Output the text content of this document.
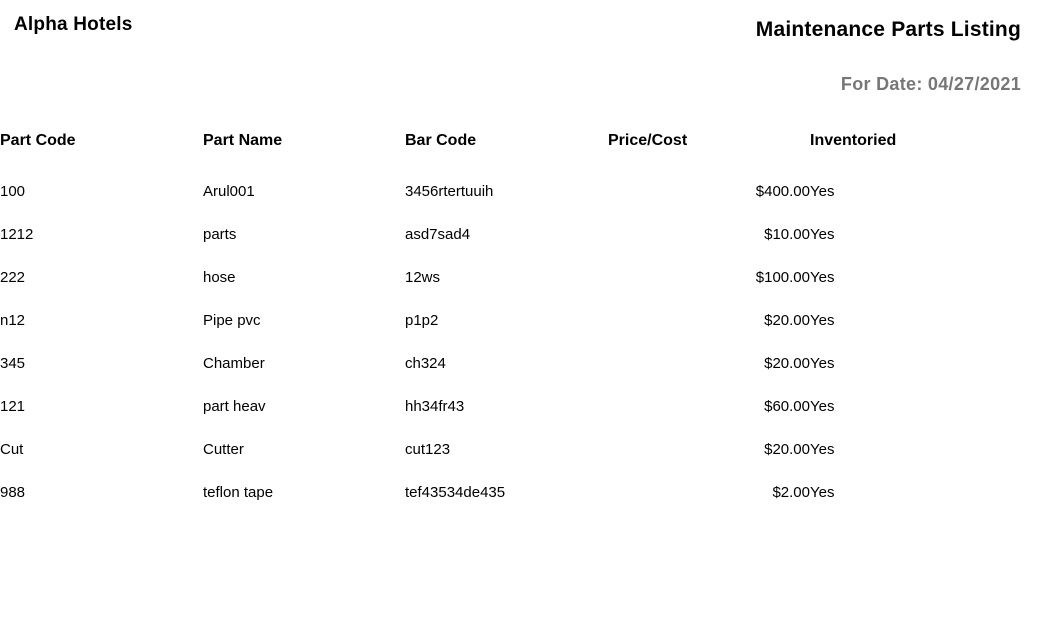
Alpha Hotels	Maintenance Parts Listing
For Date: 04/27/2021
Part Code	Part Name	Bar Code	Price/Cost	Inventoried
100	Arul001	3456rtertuuih	$400.00	Yes
1212	parts	asd7sad4	$10.00	Yes
222	hose	12ws	$100.00	Yes
n12	Pipe pvc	p1p2	$20.00	Yes
345	Chamber	ch324	$20.00	Yes
121	part heav	hh34fr43	$60.00	Yes
Cut	Cutter	cut123	$20.00	Yes
988	teflon tape	tef43534de435	$2.00	Yes
